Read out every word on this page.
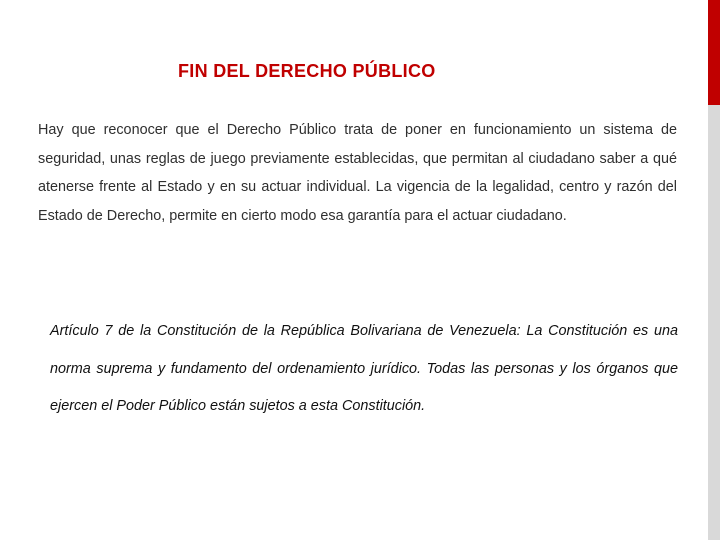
FIN DEL DERECHO PÚBLICO

Hay que reconocer que el Derecho Público trata de poner en funcionamiento un sistema de seguridad, unas reglas de juego previamente establecidas, que permitan al ciudadano saber a qué atenerse frente al Estado y en su actuar individual. La vigencia de la legalidad, centro y razón del Estado de Derecho, permite en cierto modo esa garantía para el actuar ciudadano.

Artículo 7 de la Constitución de la República Bolivariana de Venezuela: La Constitución es una norma suprema y fundamento del ordenamiento jurídico. Todas las personas y los órganos que ejercen el Poder Público están sujetos a esta Constitución.
